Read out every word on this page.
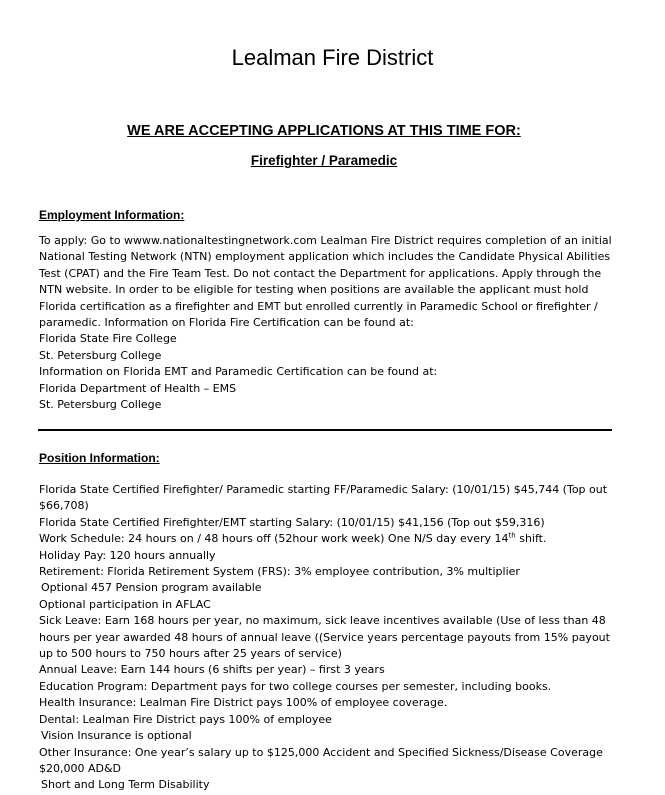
Lealman Fire District
WE ARE ACCEPTING APPLICATIONS AT THIS TIME FOR:
Firefighter / Paramedic
Employment Information:
To apply: Go to wwww.nationaltestingnetwork.com Lealman Fire District requires completion of an initial National Testing Network (NTN) employment application which includes the Candidate Physical Abilities Test (CPAT) and the Fire Team Test. Do not contact the Department for applications. Apply through the NTN website. In order to be eligible for testing when positions are available the applicant must hold Florida certification as a firefighter and EMT but enrolled currently in Paramedic School or firefighter / paramedic. Information on Florida Fire Certification can be found at:
Florida State Fire College
St. Petersburg College
Information on Florida EMT and Paramedic Certification can be found at:
Florida Department of Health – EMS
St. Petersburg College
Position Information:
Florida State Certified Firefighter/ Paramedic starting FF/Paramedic Salary: (10/01/15) $45,744 (Top out $66,708)
Florida State Certified Firefighter/EMT starting Salary: (10/01/15) $41,156 (Top out $59,316)
Work Schedule: 24 hours on / 48 hours off (52hour work week) One N/S day every 14th shift.
Holiday Pay: 120 hours annually
Retirement: Florida Retirement System (FRS): 3% employee contribution, 3% multiplier
Optional 457 Pension program available
Optional participation in AFLAC
Sick Leave: Earn 168 hours per year, no maximum, sick leave incentives available (Use of less than 48 hours per year awarded 48 hours of annual leave ((Service years percentage payouts from 15% payout up to 500 hours to 750 hours after 25 years of service)
Annual Leave: Earn 144 hours (6 shifts per year) – first 3 years
Education Program: Department pays for two college courses per semester, including books.
Health Insurance: Lealman Fire District pays 100% of employee coverage.
Dental: Lealman Fire District pays 100% of employee
Vision Insurance is optional
Other Insurance: One year’s salary up to $125,000 Accident and Specified Sickness/Disease Coverage $20,000 AD&D
Short and Long Term Disability
